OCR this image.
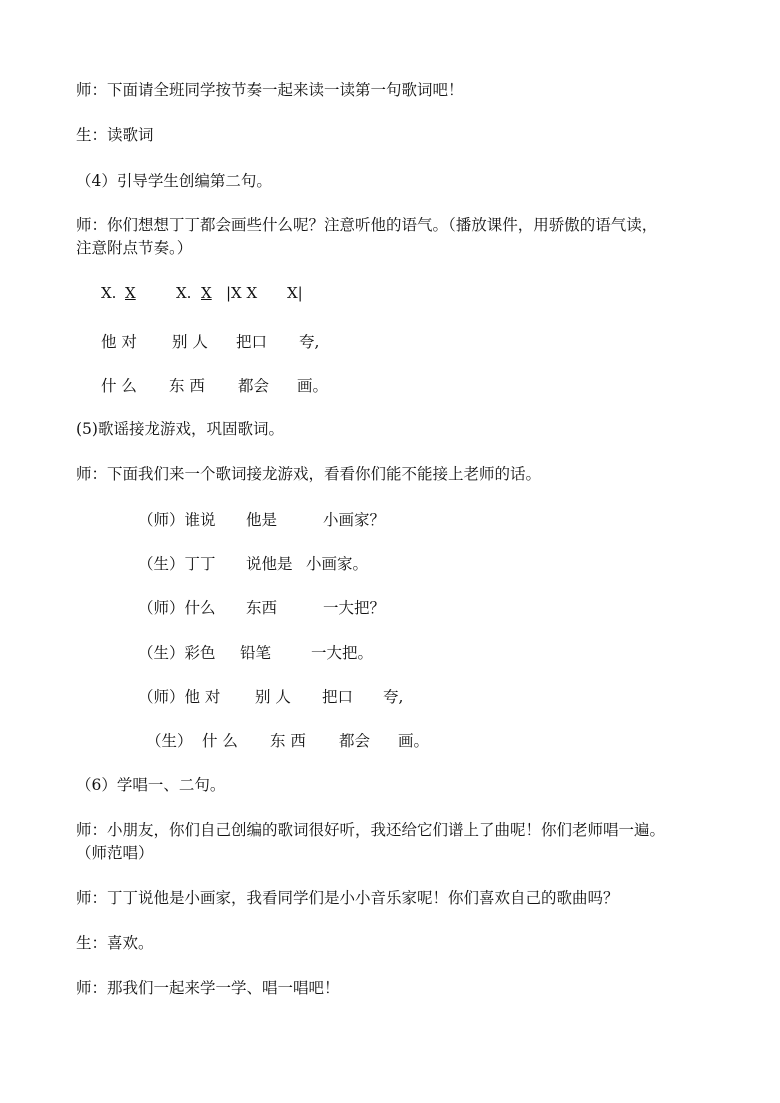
师：下面请全班同学按节奏一起来读一读第一句歌词吧！
生：读歌词
（4）引导学生创编第二句。
师：你们想想丁丁都会画些什么呢？注意听他的语气。（播放课件，用骄傲的语气读，
注意附点节奏。）
X. X	X. X |X X X|
他 对 别 人 把口 夸,
什 么 东 西 都会 画。
(5)歌谣接龙游戏，巩固歌词。
师：下面我们来一个歌词接龙游戏，看看你们能不能接上老师的话。
（师）谁说 他是	小画家？
（生）丁丁 说他是 小画家。
（师）什么 东西	一大把？
（生）彩色 铅笔	一大把。
（师）他 对 别 人 把口 夸,
（生） 什 么 东 西 都会 画。
（6）学唱一、二句。
师：小朋友，你们自己创编的歌词很好听，我还给它们谱上了曲呢！你们老师唱一遍。
（师范唱）
师：丁丁说他是小画家，我看同学们是小小音乐家呢！你们喜欢自己的歌曲吗？
生：喜欢。
师：那我们一起来学一学、唱一唱吧！
